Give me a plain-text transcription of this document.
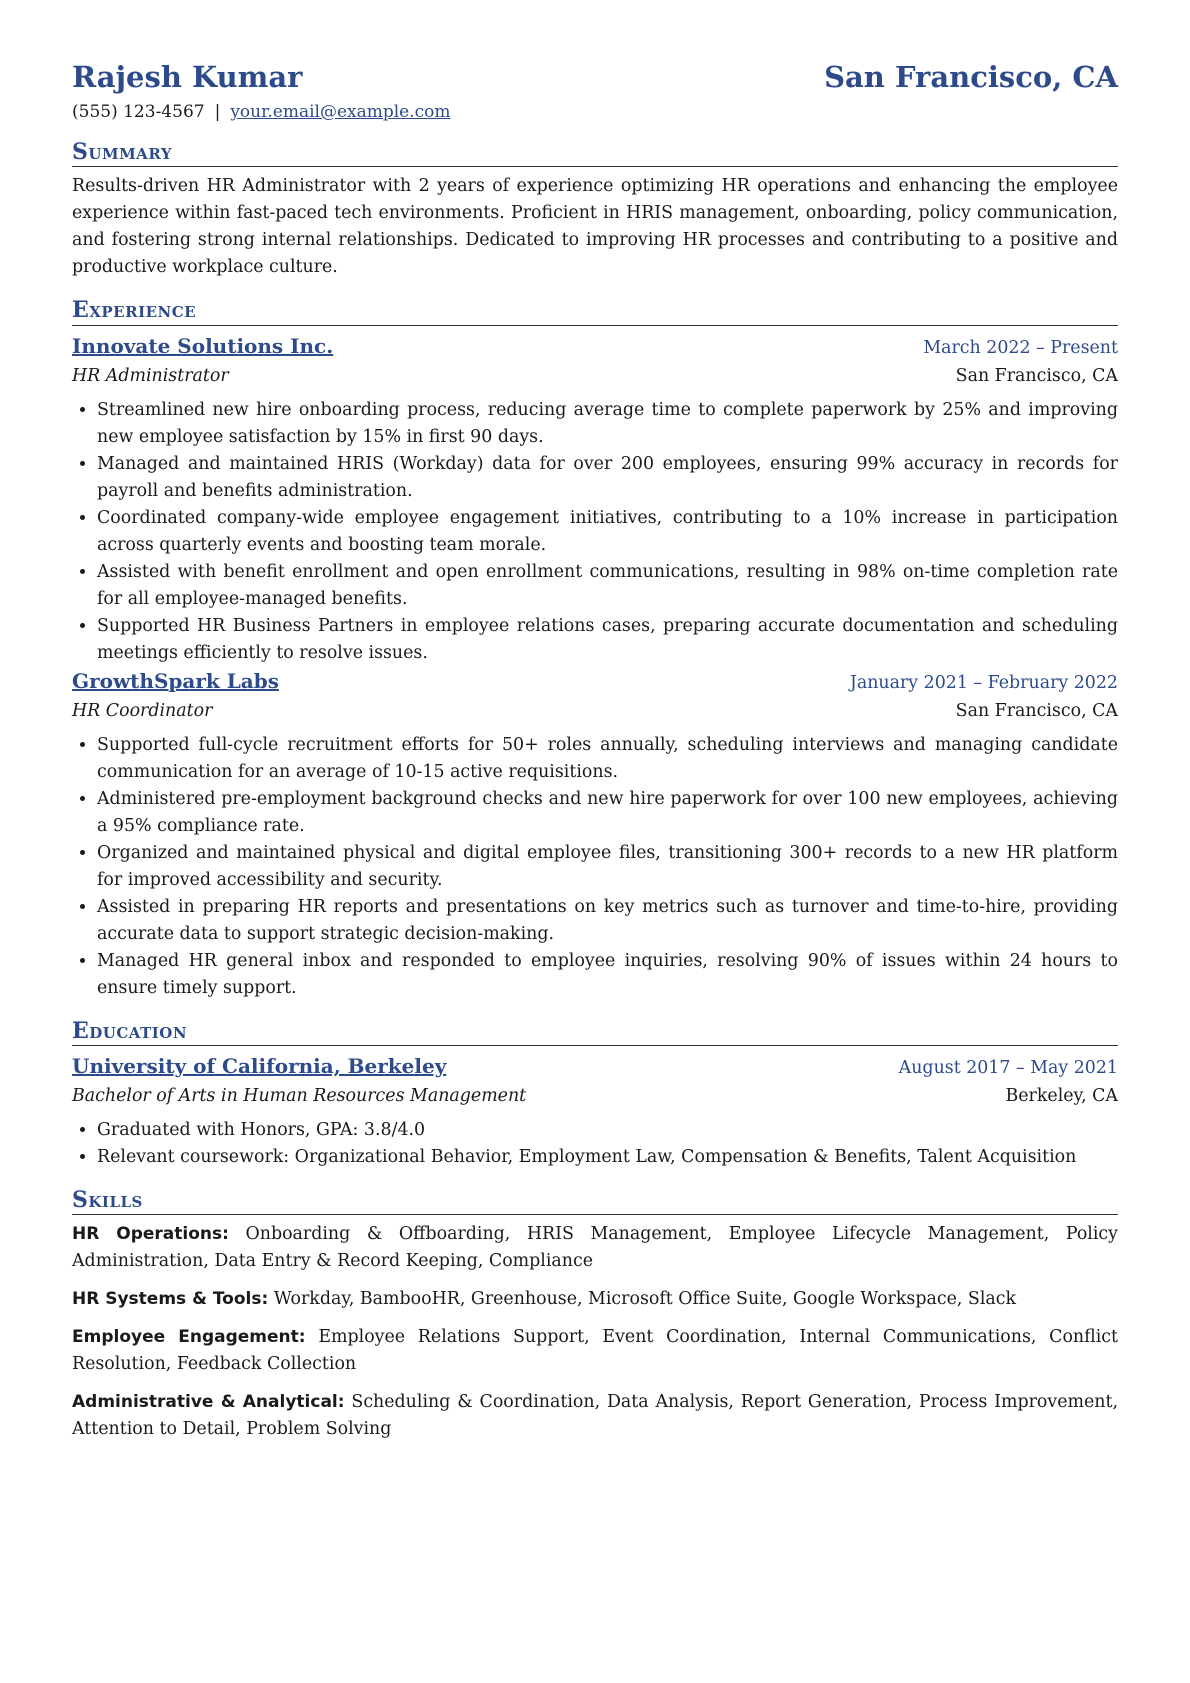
Rajesh Kumar	San Francisco, CA
(555) 123-4567 | your.email@example.com
Summary

Results-driven HR Administrator with 2 years of experience optimizing HR operations and enhancing the employee experience within fast-paced tech environments. Proficient in HRIS management, onboarding, policy communication, and fostering strong internal relationships. Dedicated to improving HR processes and contributing to a positive and productive workplace culture.

Experience
Innovate Solutions Inc.	March 2022 – Present
HR Administrator	San Francisco, CA
• Streamlined new hire onboarding process, reducing average time to complete paperwork by 25% and improving new employee satisfaction by 15% in first 90 days.
• Managed and maintained HRIS (Workday) data for over 200 employees, ensuring 99% accuracy in records for payroll and benefits administration.
• Coordinated company-wide employee engagement initiatives, contributing to a 10% increase in participation across quarterly events and boosting team morale.
• Assisted with benefit enrollment and open enrollment communications, resulting in 98% on-time completion rate for all employee-managed benefits.
• Supported HR Business Partners in employee relations cases, preparing accurate documentation and scheduling meetings efficiently to resolve issues.
GrowthSpark Labs	January 2021 – February 2022
HR Coordinator	San Francisco, CA
• Supported full-cycle recruitment efforts for 50+ roles annually, scheduling interviews and managing candidate communication for an average of 10-15 active requisitions.
• Administered pre-employment background checks and new hire paperwork for over 100 new employees, achieving a 95% compliance rate.
• Organized and maintained physical and digital employee files, transitioning 300+ records to a new HR platform for improved accessibility and security.
• Assisted in preparing HR reports and presentations on key metrics such as turnover and time-to-hire, providing accurate data to support strategic decision-making.
• Managed HR general inbox and responded to employee inquiries, resolving 90% of issues within 24 hours to ensure timely support.
Education
University of California, Berkeley	August 2017 – May 2021
Bachelor of Arts in Human Resources Management	Berkeley, CA
• Graduated with Honors, GPA: 3.8/4.0
• Relevant coursework: Organizational Behavior, Employment Law, Compensation & Benefits, Talent Acquisition
Skills

HR Operations: Onboarding & Offboarding, HRIS Management, Employee Lifecycle Management, Policy Administration, Data Entry & Record Keeping, Compliance

HR Systems & Tools: Workday, BambooHR, Greenhouse, Microsoft Office Suite, Google Workspace, Slack

Employee Engagement: Employee Relations Support, Event Coordination, Internal Communications, Conflict Resolution, Feedback Collection

Administrative & Analytical: Scheduling & Coordination, Data Analysis, Report Generation, Process Improvement, Attention to Detail, Problem Solving
